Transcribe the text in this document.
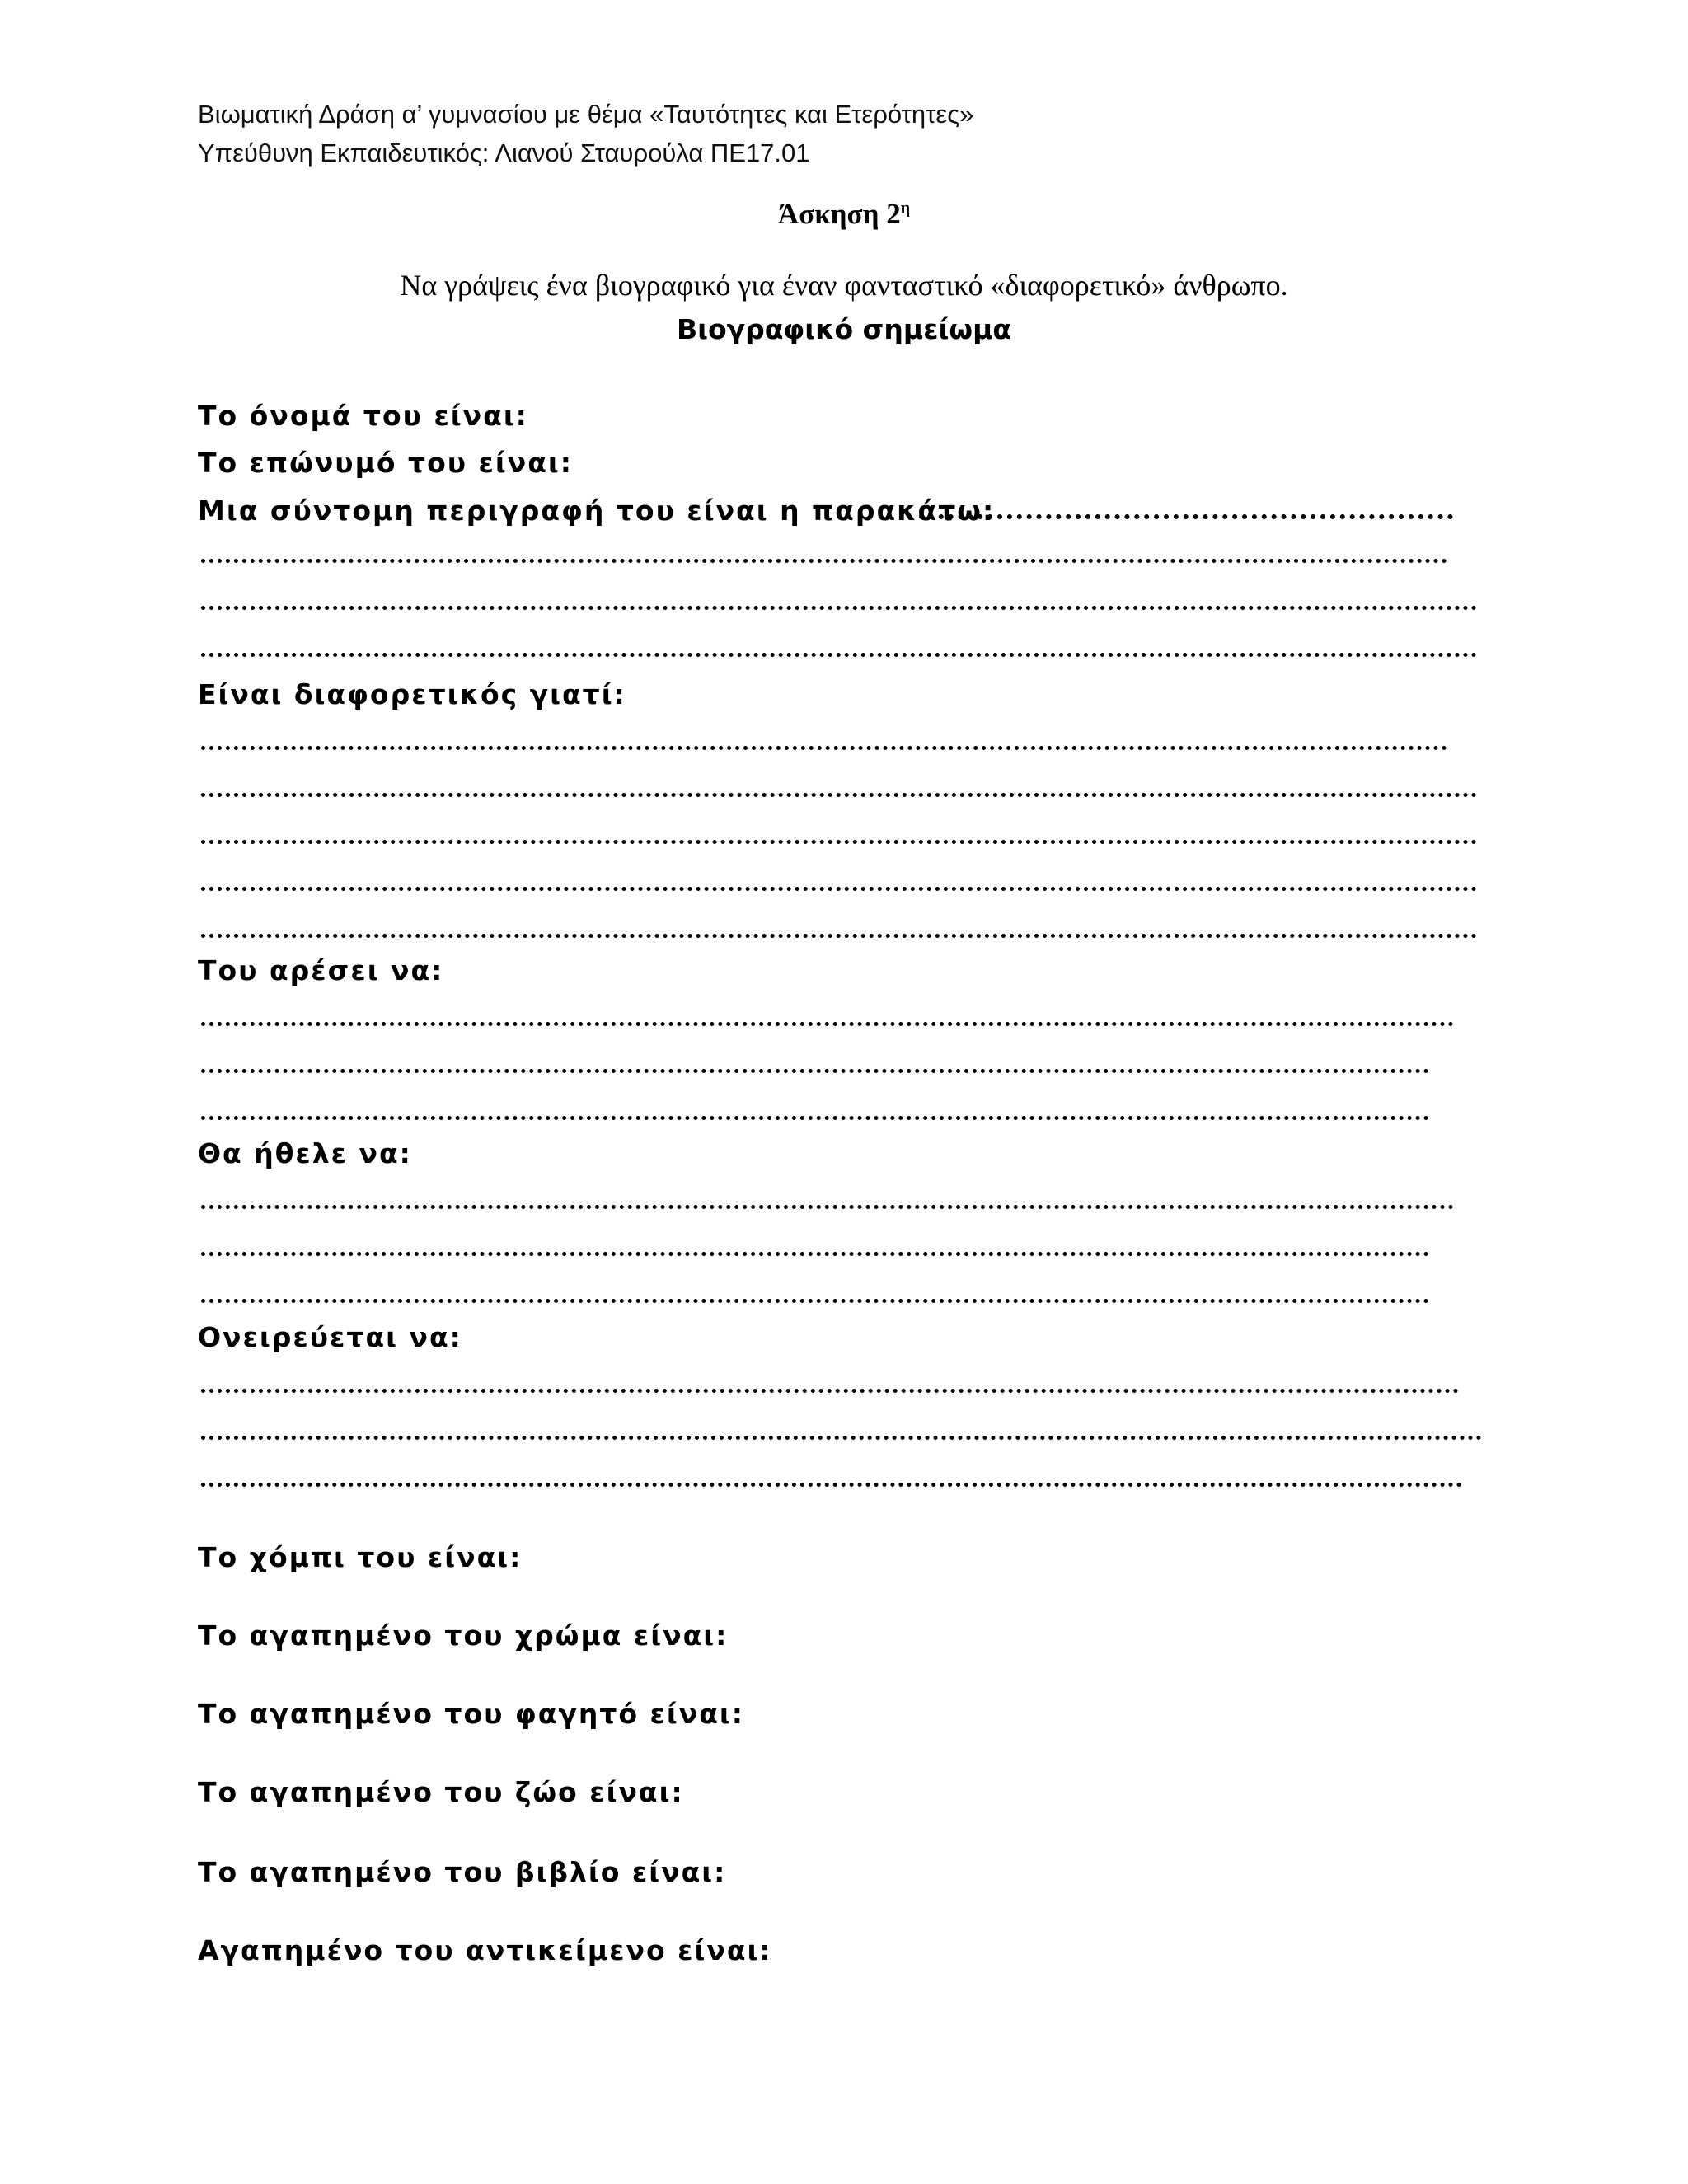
Βιωματική Δράση α’ γυμνασίου με θέμα «Ταυτότητες και Ετερότητες»
Υπεύθυνη Εκπαιδευτικός: Λιανού Σταυρούλα ΠΕ17.01
Άσκηση $2^\eta$
Να γράψεις ένα βιογραφικό για έναν φανταστικό «διαφορετικό» άνθρωπο.
Βιογραφικό σημείωμα
Το όνομά του είναι:
Το επώνυμό του είναι:
Μια σύντομη περιγραφή του είναι η παρακάτω:
Είναι διαφορετικός γιατί:
Του αρέσει να:
Θα ήθελε να:
Ονειρεύεται να:
Το χόμπι του είναι:
Το αγαπημένο του χρώμα είναι:
Το αγαπημένο του φαγητό είναι:
Το αγαπημένο του ζώο είναι:
Το αγαπημένο του βιβλίο είναι:
Αγαπημένο του αντικείμενο είναι:
